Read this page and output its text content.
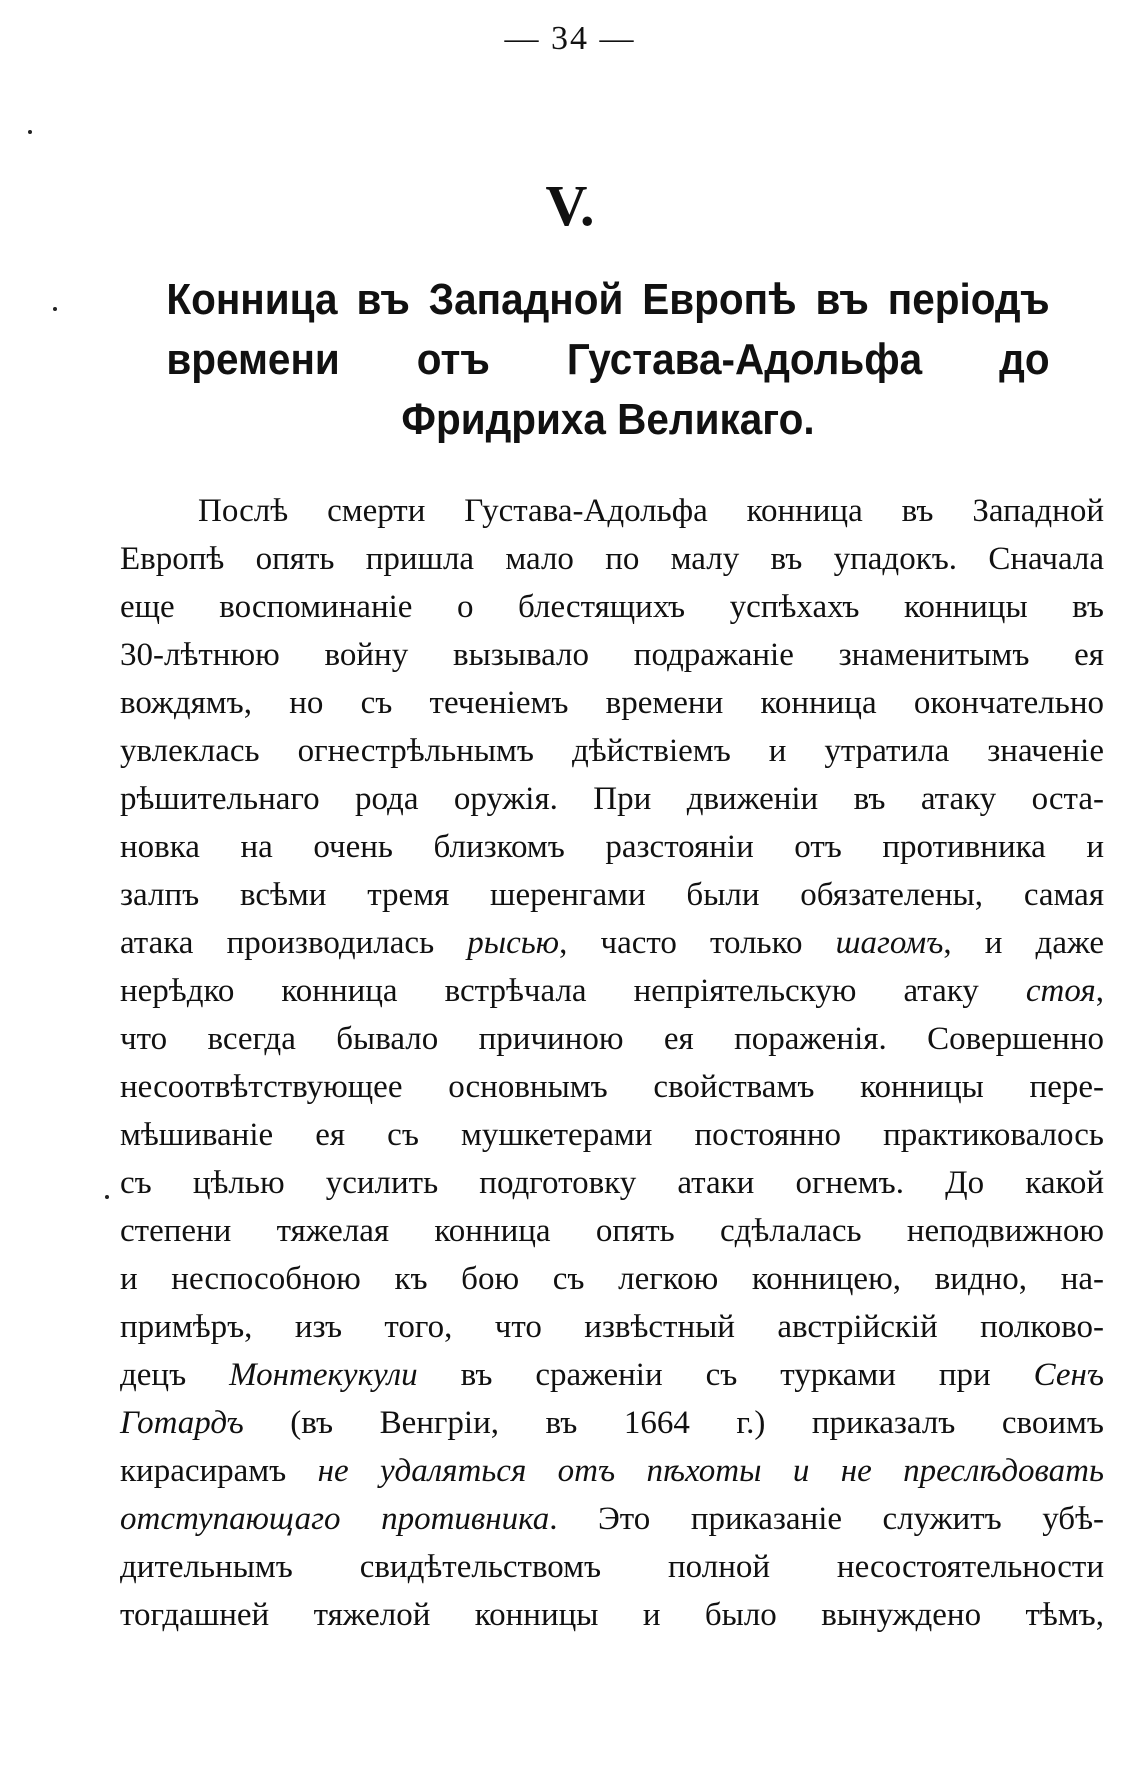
— 34 —
V.
Конница въ Западной Европѣ въ періодъ времени отъ Густава-Адольфа до Фридриха Великаго.
Послѣ смерти Густава-Адольфа конница въ Западной
Европѣ опять пришла мало по малу въ упадокъ. Сначала
еще воспоминаніе о блестящихъ успѣхахъ конницы въ
30-лѣтнюю войну вызывало подражаніе знаменитымъ ея
вождямъ, но съ теченіемъ времени конница окончательно
увлеклась огнестрѣльнымъ дѣйствіемъ и утратила значеніе
рѣшительнаго рода оружія. При движеніи въ атаку оста-
новка на очень близкомъ разстояніи отъ противника и
залпъ всѣми тремя шеренгами были обязателены, самая
атака производилась рысью, часто только шагомъ, и даже
нерѣдко конница встрѣчала непріятельскую атаку стоя,
что всегда бывало причиною ея пораженія. Совершенно
несоотвѣтствующее основнымъ свойствамъ конницы пере-
мѣшиваніе ея съ мушкетерами постоянно практиковалось
съ цѣлью усилить подготовку атаки огнемъ. До какой
степени тяжелая конница опять сдѣлалась неподвижною
и неспособною къ бою съ легкою конницею, видно, на-
примѣръ, изъ того, что извѣстный австрійскій полково-
децъ Монтекукули въ сраженіи съ турками при Сенъ
Готардъ (въ Венгріи, въ 1664 г.) приказалъ своимъ
кирасирамъ не удаляться отъ пѣхоты и не преслѣдовать
отступающаго противника. Это приказаніе служитъ убѣ-
дительнымъ свидѣтельствомъ полной несостоятельности
тогдашней тяжелой конницы и было вынуждено тѣмъ,
